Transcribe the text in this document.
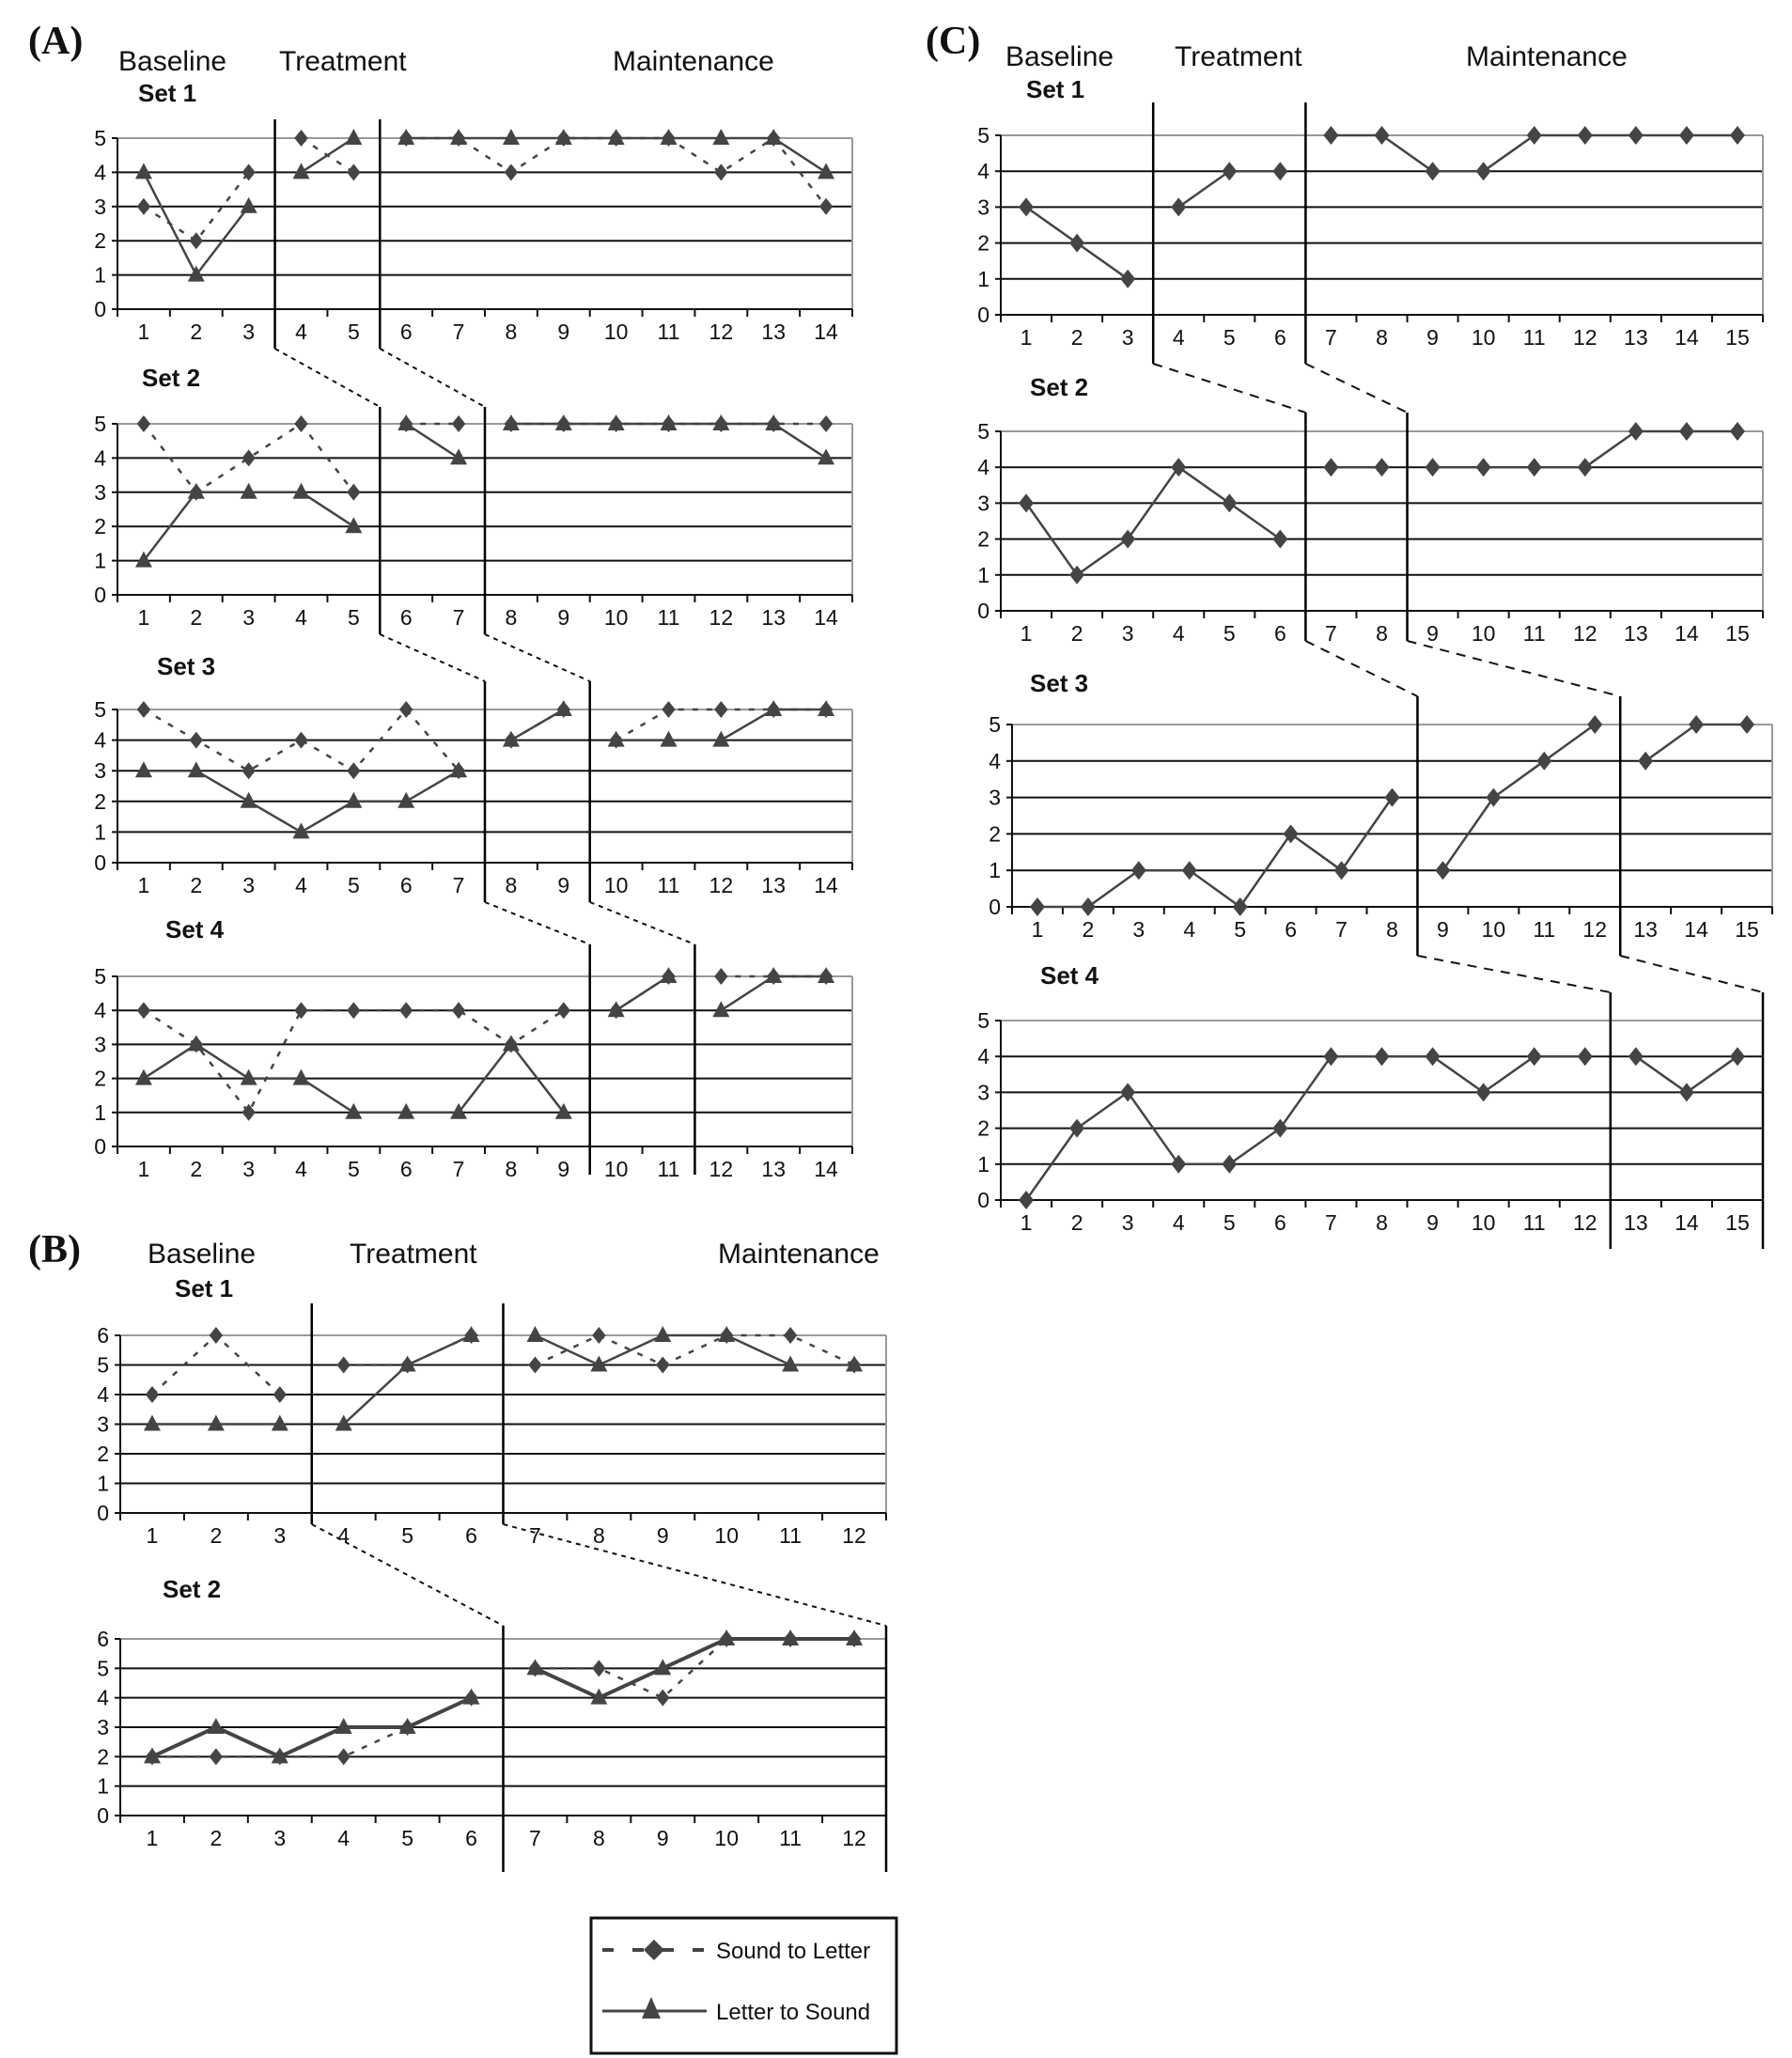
(A)
(B)
(C)
Baseline Treatment	Maintenance
Baseline	Treatment	Maintenance
Baseline Treatment	Maintenance
Set 1
Set 2
Set 3
Set 4
Set 1
Set 2
Set 1
Set 2
Set 3
Set 4
0
1
2
3
4
5
1 2 3 4 5 6 7 8 9 10 11 12 13 14
0
1
2
3
4
5
1 2 3 4 5 6 7 8 9 10 11 12 13 14
0
1
2
3
4
5
1 2 3 4 5 6 7 8 9 10 11 12 13 14
0
1
2
3
4
5
1 2 3 4 5 6 7 8 9 10 11 12 13 14
0
1
2
3
4
5
6
1 2 3 4 5 6 7 8 9 10 11 12
0
1
2
3
4
5
6
1 2 3 4 5 6 7 8 9 10 11 12
0
1
2
3
4
5
1 2 3 4 5 6 7 8 9 10 11 12 13 14 15
0
1
2
3
4
5
1 2 3 4 5 6 7 8 9 10 11 12 13 14 15
0
1
2
3
4
5
1 2 3 4 5 6 7 8 9 10 11 12 13 14 15
0
1
2
3
4
5
1 2 3 4 5 6 7 8 9 10 11 12 13 14 15
Sound to Letter
Letter to Sound
